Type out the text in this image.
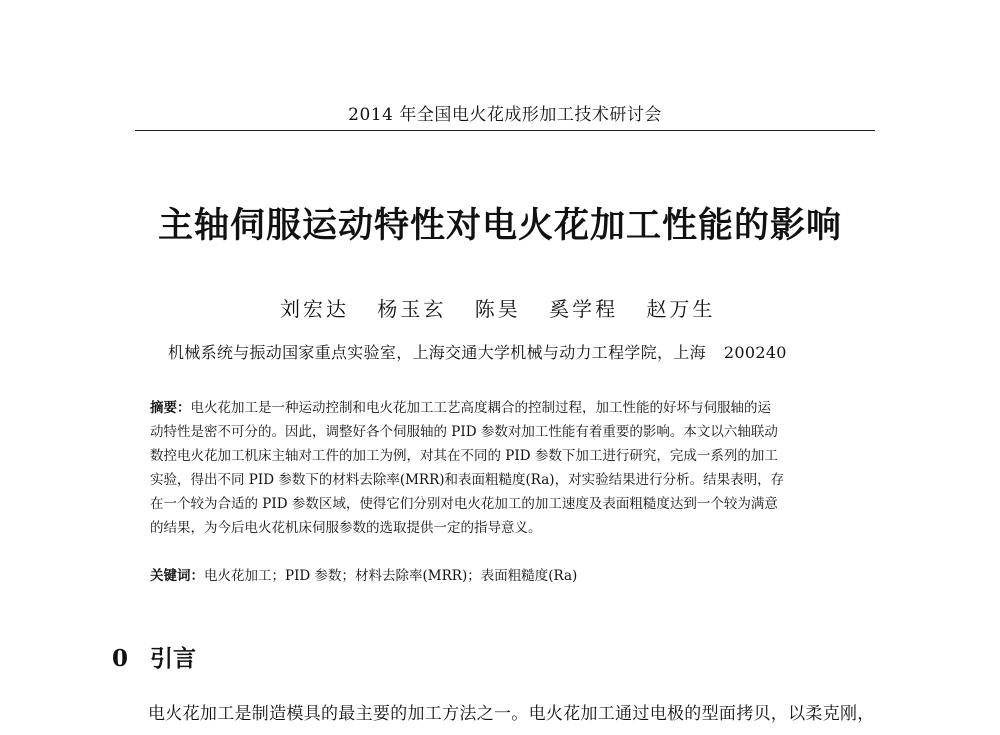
2014 年全国电火花成形加工技术研讨会
主轴伺服运动特性对电火花加工性能的影响
刘宏达 杨玉玄 陈昊 奚学程 赵万生
机械系统与振动国家重点实验室，上海交通大学机械与动力工程学院，上海 200240
摘要：电火花加工是一种运动控制和电火花加工工艺高度耦合的控制过程，加工性能的好坏与伺服轴的运
动特性是密不可分的。因此，调整好各个伺服轴的 PID 参数对加工性能有着重要的影响。本文以六轴联动
数控电火花加工机床主轴对工件的加工为例，对其在不同的 PID 参数下加工进行研究，完成一系列的加工
实验，得出不同 PID 参数下的材料去除率(MRR)和表面粗糙度(Ra)，对实验结果进行分析。结果表明，存
在一个较为合适的 PID 参数区域，使得它们分别对电火花加工的加工速度及表面粗糙度达到一个较为满意
的结果，为今后电火花机床伺服参数的选取提供一定的指导意义。
关键词：电火花加工；PID 参数；材料去除率(MRR)；表面粗糙度(Ra)
0 引言
电火花加工是制造模具的最主要的加工方法之一。电火花加工通过电极的型面拷贝，以柔克刚，
